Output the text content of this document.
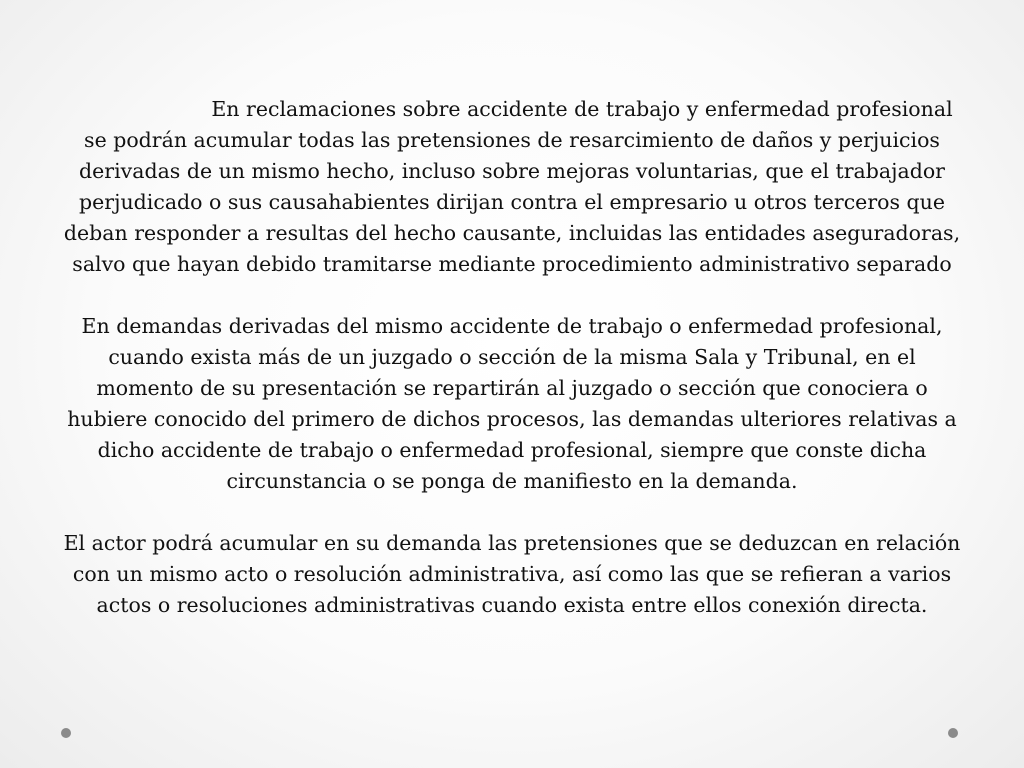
En reclamaciones sobre accidente de trabajo y enfermedad profesional se podrán acumular todas las pretensiones de resarcimiento de daños y perjuicios derivadas de un mismo hecho, incluso sobre mejoras voluntarias, que el trabajador perjudicado o sus causahabientes dirijan contra el empresario u otros terceros que deban responder a resultas del hecho causante, incluidas las entidades aseguradoras, salvo que hayan debido tramitarse mediante procedimiento administrativo separado

En demandas derivadas del mismo accidente de trabajo o enfermedad profesional, cuando exista más de un juzgado o sección de la misma Sala y Tribunal, en el momento de su presentación se repartirán al juzgado o sección que conociera o hubiere conocido del primero de dichos procesos, las demandas ulteriores relativas a dicho accidente de trabajo o enfermedad profesional, siempre que conste dicha circunstancia o se ponga de manifiesto en la demanda.

El actor podrá acumular en su demanda las pretensiones que se deduzcan en relación con un mismo acto o resolución administrativa, así como las que se refieran a varios actos o resoluciones administrativas cuando exista entre ellos conexión directa.
